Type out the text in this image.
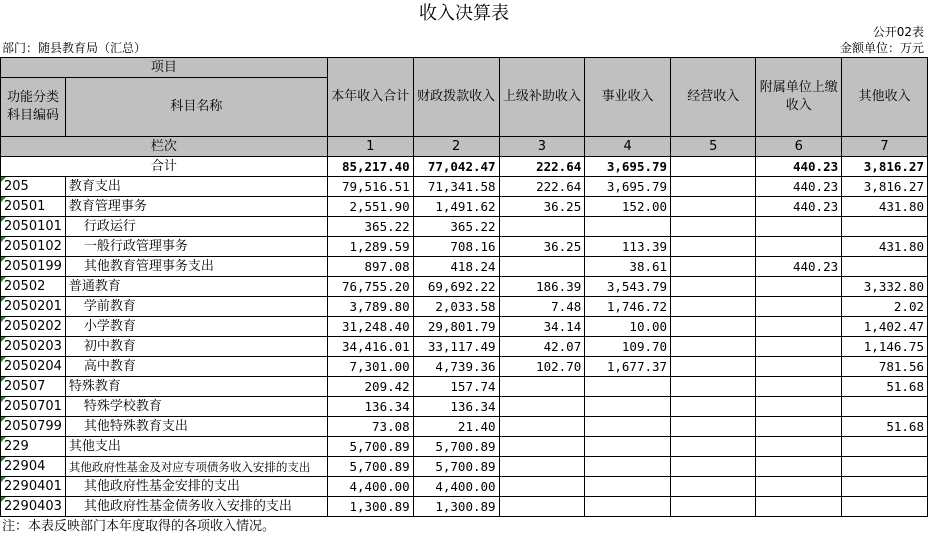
收入决算表
公开02表
部门：随县教育局（汇总）	金额单位：万元
项目		本年收入合计	财政拨款收入	上级补助收入	事业收入	经营收入	附属单位上缴收入	其他收入
功能分类科目编码	科目名称							

栏次		1	2	3	4	5	6	7
合计		85,217.40	77,042.47	222.64	3,695.79		440.23	3,816.27
205	教育支出	79,516.51	71,341.58	222.64	3,695.79		440.23	3,816.27
20501	教育管理事务	2,551.90	1,491.62	36.25	152.00		440.23	431.80
2050101	行政运行	365.22	365.22					
2050102	一般行政管理事务	1,289.59	708.16	36.25	113.39			431.80
2050199	其他教育管理事务支出	897.08	418.24		38.61		440.23	
20502	普通教育	76,755.20	69,692.22	186.39	3,543.79			3,332.80
2050201	学前教育	3,789.80	2,033.58	7.48	1,746.72			2.02
2050202	小学教育	31,248.40	29,801.79	34.14	10.00			1,402.47
2050203	初中教育	34,416.01	33,117.49	42.07	109.70			1,146.75
2050204	高中教育	7,301.00	4,739.36	102.70	1,677.37			781.56
20507	特殊教育	209.42	157.74					51.68
2050701	特殊学校教育	136.34	136.34					
2050799	其他特殊教育支出	73.08	21.40					51.68
229	其他支出	5,700.89	5,700.89					
22904	其他政府性基金及对应专项债务收入安排的支出	5,700.89	5,700.89					
2290401	其他政府性基金安排的支出	4,400.00	4,400.00					
2290403	其他政府性基金债务收入安排的支出	1,300.89	1,300.89					
注：本表反映部门本年度取得的各项收入情况。
